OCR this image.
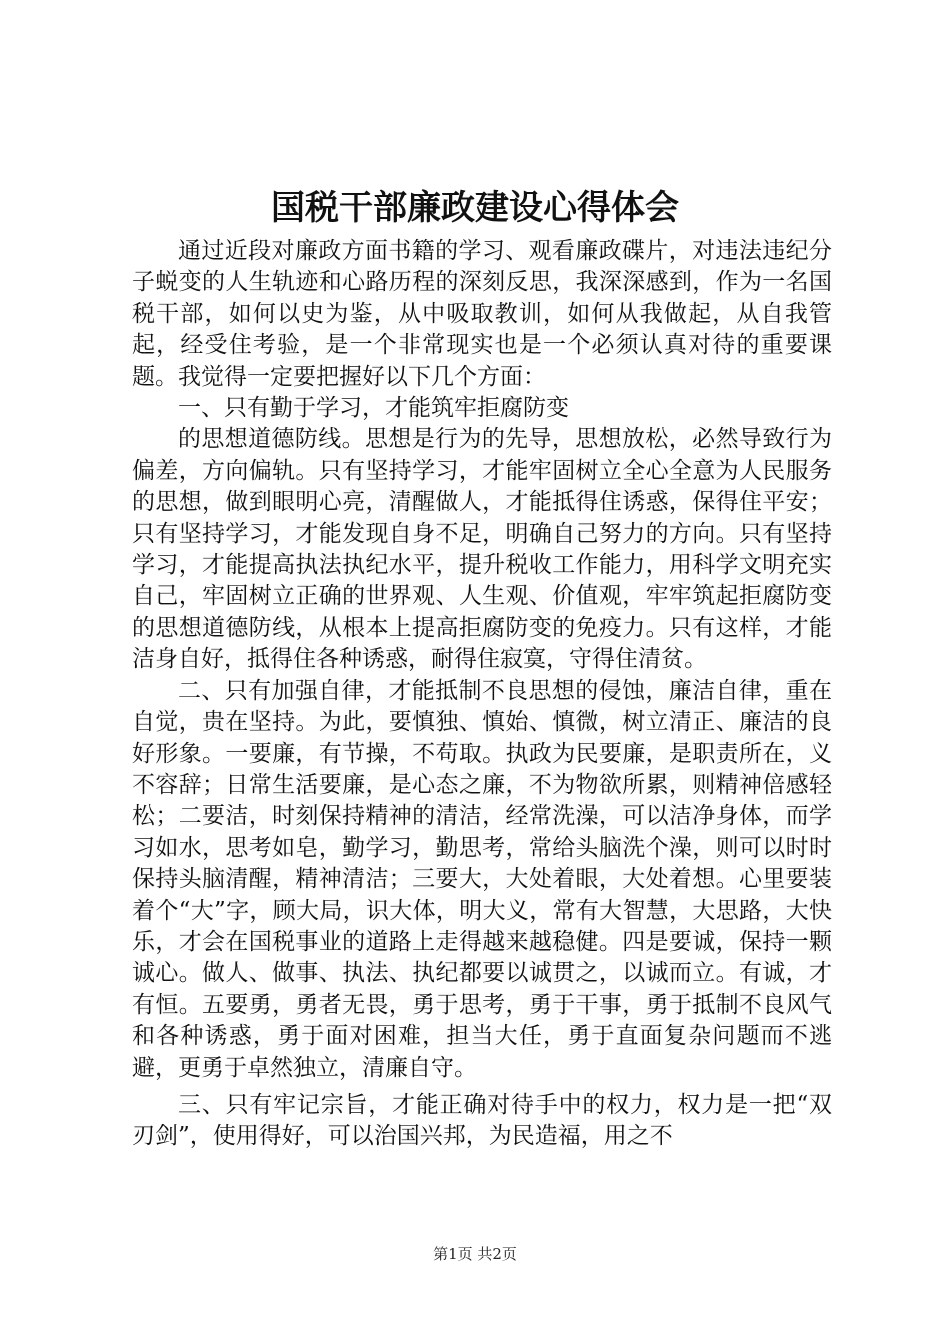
国税干部廉政建设心得体会

通过近段对廉政方面书籍的学习、观看廉政碟片，对违法违纪分子蜕变的人生轨迹和心路历程的深刻反思，我深深感到，作为一名国税干部，如何以史为鉴，从中吸取教训，如何从我做起，从自我管起，经受住考验，是一个非常现实也是一个必须认真对待的重要课题。我觉得一定要把握好以下几个方面：

一、只有勤于学习，才能筑牢拒腐防变

的思想道德防线。思想是行为的先导，思想放松，必然导致行为偏差，方向偏轨。只有坚持学习，才能牢固树立全心全意为人民服务的思想，做到眼明心亮，清醒做人，才能抵得住诱惑，保得住平安；只有坚持学习，才能发现自身不足，明确自己努力的方向。只有坚持学习，才能提高执法执纪水平，提升税收工作能力，用科学文明充实自己，牢固树立正确的世界观、人生观、价值观，牢牢筑起拒腐防变的思想道德防线，从根本上提高拒腐防变的免疫力。只有这样，才能洁身自好，抵得住各种诱惑，耐得住寂寞，守得住清贫。

二、只有加强自律，才能抵制不良思想的侵蚀，廉洁自律，重在自觉，贵在坚持。为此，要慎独、慎始、慎微，树立清正、廉洁的良好形象。一要廉，有节操，不苟取。执政为民要廉，是职责所在，义不容辞；日常生活要廉，是心态之廉，不为物欲所累，则精神倍感轻松；二要洁，时刻保持精神的清洁，经常洗澡，可以洁净身体，而学习如水，思考如皂，勤学习，勤思考，常给头脑洗个澡，则可以时时保持头脑清醒，精神清洁；三要大，大处着眼，大处着想。心里要装着个“大”字，顾大局，识大体，明大义，常有大智慧，大思路，大快乐，才会在国税事业的道路上走得越来越稳健。四是要诚，保持一颗诚心。做人、做事、执法、执纪都要以诚贯之，以诚而立。有诚，才有恒。五要勇，勇者无畏，勇于思考，勇于干事，勇于抵制不良风气和各种诱惑，勇于面对困难，担当大任，勇于直面复杂问题而不逃避，更勇于卓然独立，清廉自守。

三、只有牢记宗旨，才能正确对待手中的权力，权力是一把“双刃剑”，使用得好，可以治国兴邦，为民造福，用之不

第1页 共2页
